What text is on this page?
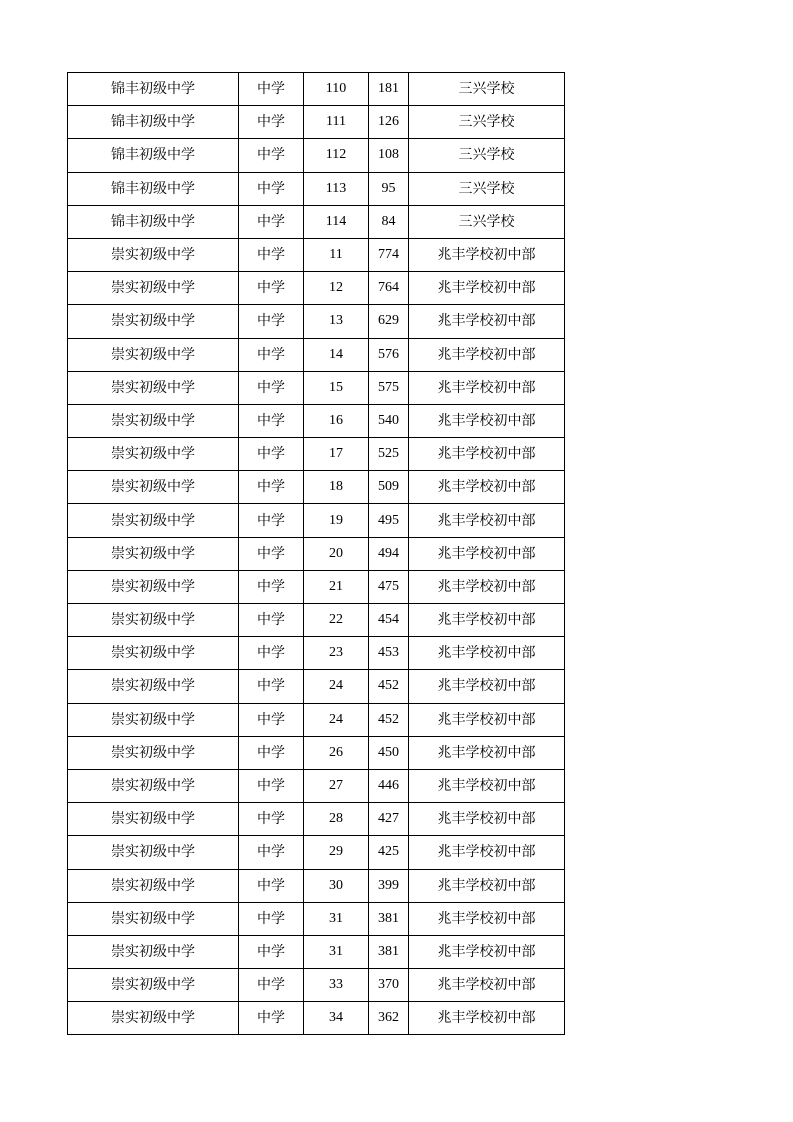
锦丰初级中学	中学	110	181	三兴学校
锦丰初级中学	中学	111	126	三兴学校
锦丰初级中学	中学	112	108	三兴学校
锦丰初级中学	中学	113	95	三兴学校
锦丰初级中学	中学	114	84	三兴学校
崇实初级中学	中学	11	774	兆丰学校初中部
崇实初级中学	中学	12	764	兆丰学校初中部
崇实初级中学	中学	13	629	兆丰学校初中部
崇实初级中学	中学	14	576	兆丰学校初中部
崇实初级中学	中学	15	575	兆丰学校初中部
崇实初级中学	中学	16	540	兆丰学校初中部
崇实初级中学	中学	17	525	兆丰学校初中部
崇实初级中学	中学	18	509	兆丰学校初中部
崇实初级中学	中学	19	495	兆丰学校初中部
崇实初级中学	中学	20	494	兆丰学校初中部
崇实初级中学	中学	21	475	兆丰学校初中部
崇实初级中学	中学	22	454	兆丰学校初中部
崇实初级中学	中学	23	453	兆丰学校初中部
崇实初级中学	中学	24	452	兆丰学校初中部
崇实初级中学	中学	24	452	兆丰学校初中部
崇实初级中学	中学	26	450	兆丰学校初中部
崇实初级中学	中学	27	446	兆丰学校初中部
崇实初级中学	中学	28	427	兆丰学校初中部
崇实初级中学	中学	29	425	兆丰学校初中部
崇实初级中学	中学	30	399	兆丰学校初中部
崇实初级中学	中学	31	381	兆丰学校初中部
崇实初级中学	中学	31	381	兆丰学校初中部
崇实初级中学	中学	33	370	兆丰学校初中部
崇实初级中学	中学	34	362	兆丰学校初中部
